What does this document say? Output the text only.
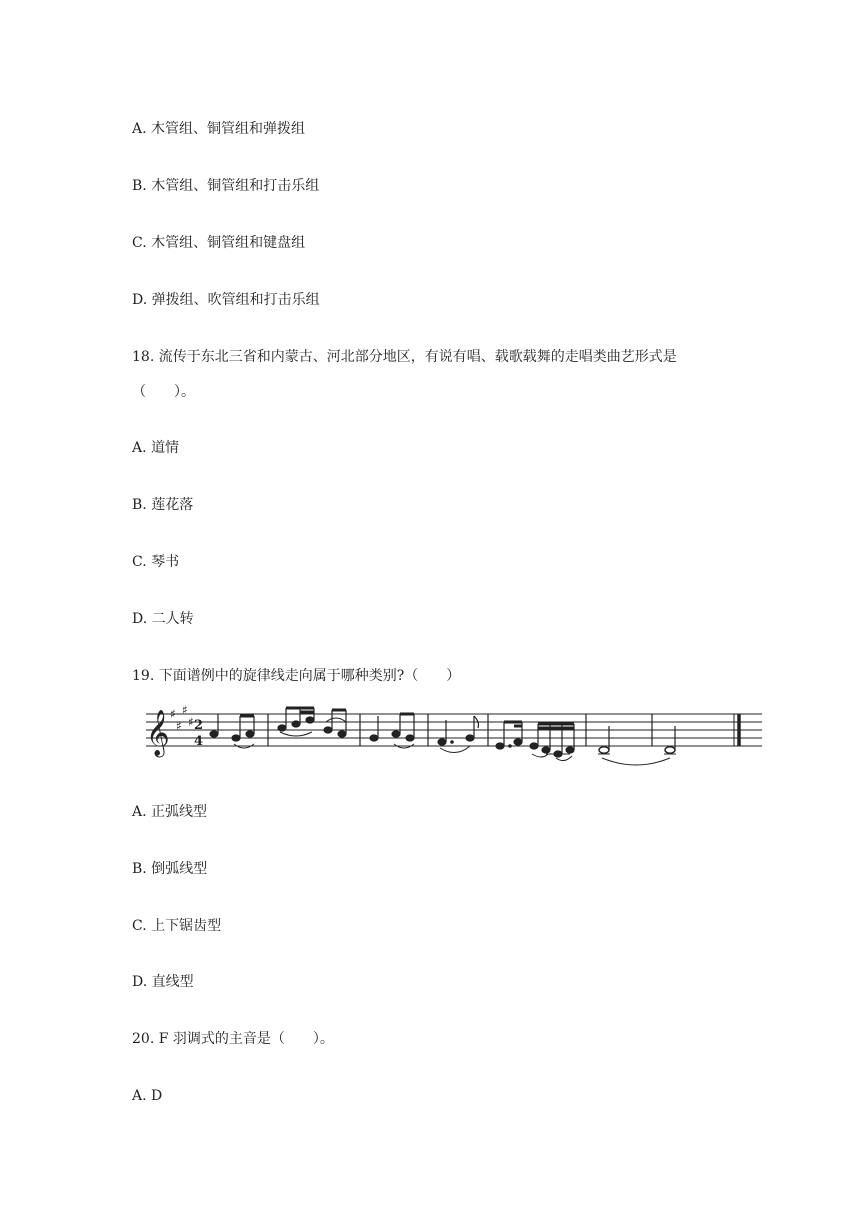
A. 木管组、铜管组和弹拨组
B. 木管组、铜管组和打击乐组
C. 木管组、铜管组和键盘组
D. 弹拨组、吹管组和打击乐组
18. 流传于东北三省和内蒙古、河北部分地区，有说有唱、载歌载舞的走唱类曲艺形式是
（　　）。
A. 道情
B. 莲花落
C. 琴书
D. 二人转
19. 下面谱例中的旋律线走向属于哪种类别?（　　）
𝄞 ♯
♯
♯
♯ 2
4
A. 正弧线型
B. 倒弧线型
C. 上下锯齿型
D. 直线型
20. F 羽调式的主音是（　　）。
A. D
